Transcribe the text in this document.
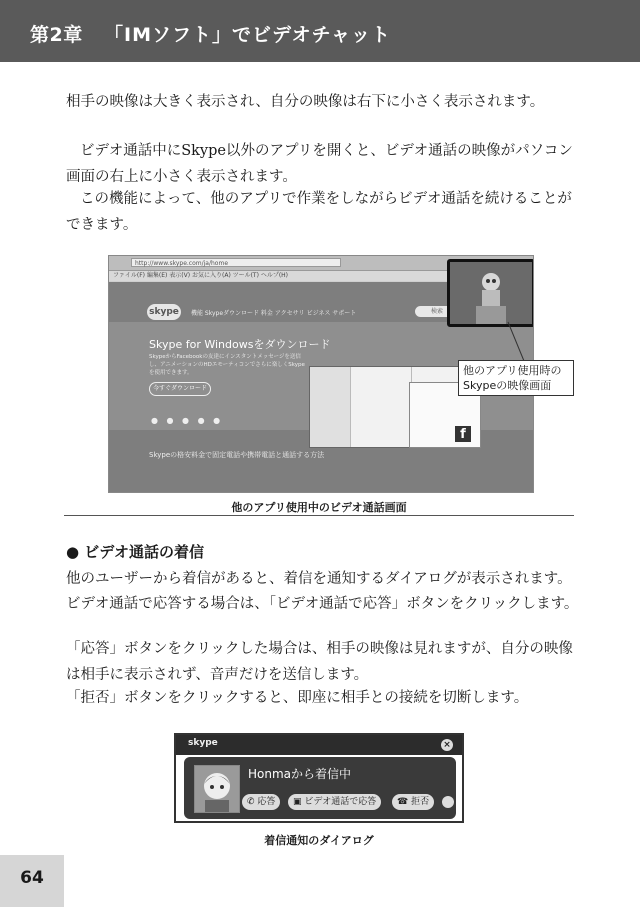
第2章 「IMソフト」でビデオチャット

相手の映像は大きく表示され、自分の映像は右下に小さく表示されます。

ビデオ通話中にSkype以外のアプリを開くと、ビデオ通話の映像がパソコン画面の右上に小さく表示されます。

この機能によって、他のアプリで作業をしながらビデオ通話を続けることができます。

http://www.skype.com/ja/home
ファイル(F) 編集(E) 表示(V) お気に入り(A) ツール(T) ヘルプ(H)
skype	機能 Skypeダウンロード 料金 アクセサリ ビジネス サポート	検索
Skype for Windowsをダウンロード
SkypeからFacebookの友達にインスタントメッセージを送信し、アニメーションのHDエモーティコンでさらに楽しくSkypeを使用できます。
今すぐダウンロード
● ● ● ● ●
f
Skypeの格安料金で固定電話や携帯電話と通話する方法
他のアプリ使用時のSkypeの映像画面
他のアプリ使用中のビデオ通話画面
● ビデオ通話の着信

他のユーザーから着信があると、着信を通知するダイアログが表示されます。

ビデオ通話で応答する場合は、「ビデオ通話で応答」ボタンをクリックします。

「応答」ボタンをクリックした場合は、相手の映像は見れますが、自分の映像は相手に表示されず、音声だけを送信します。

「拒否」ボタンをクリックすると、即座に相手との接続を切断します。

skype	×
Honmaから着信中
✆ 応答	▣ ビデオ通話で応答	☎ 拒否
着信通知のダイアログ
64
